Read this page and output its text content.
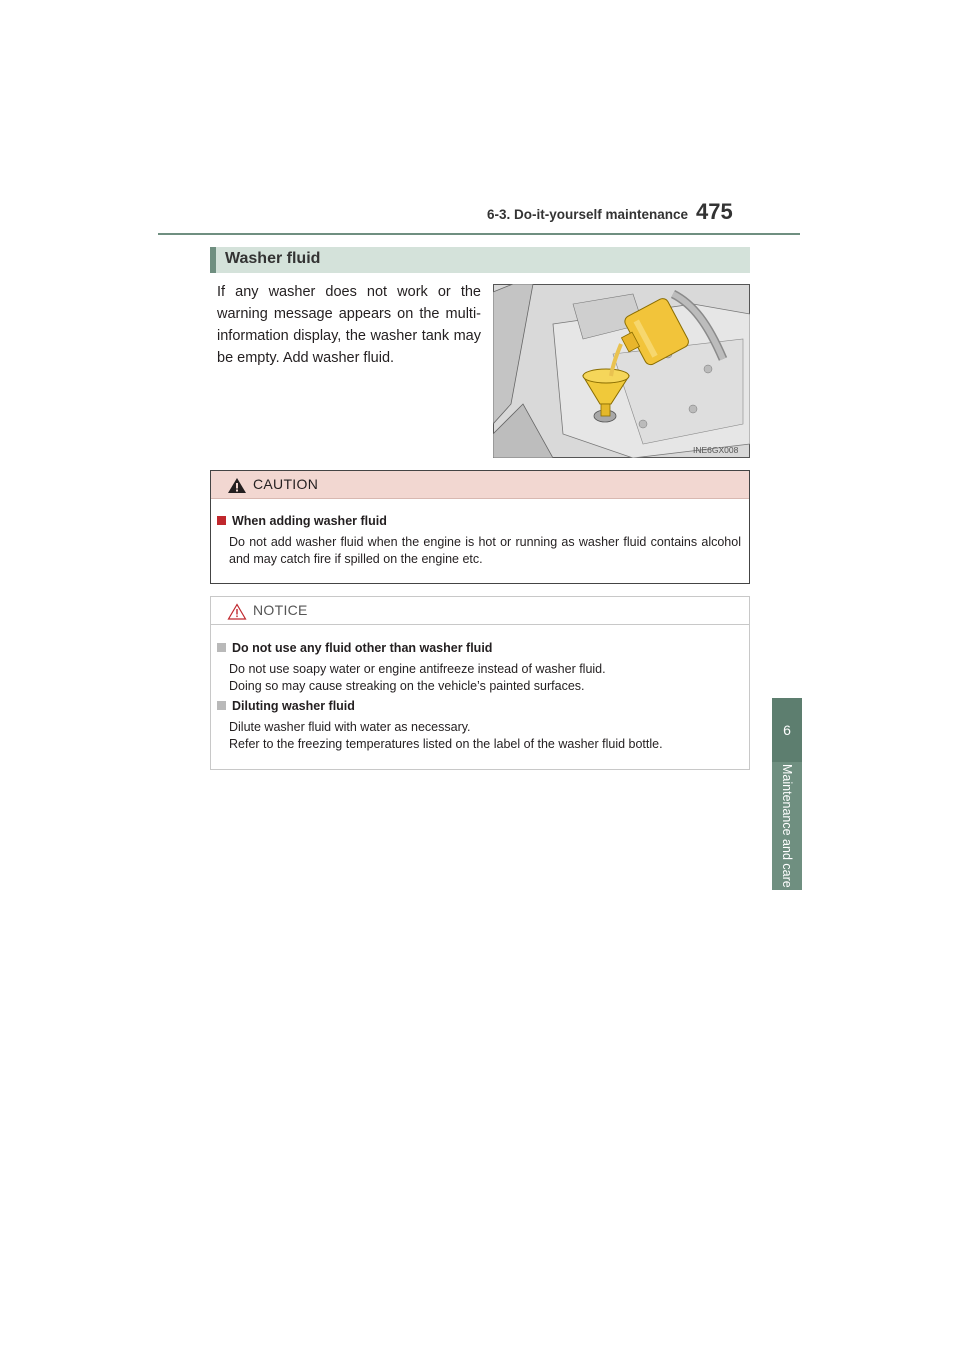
6-3. Do-it-yourself maintenance 475
6
Maintenance and care
Washer fluid
If any washer does not work or the warning message appears on the multi-information display, the washer tank may be empty. Add washer fluid.
INE6GX008
CAUTION
When adding washer fluid
Do not add washer fluid when the engine is hot or running as washer fluid contains alcohol and may catch fire if spilled on the engine etc.
NOTICE
Do not use any fluid other than washer fluid
Do not use soapy water or engine antifreeze instead of washer fluid.
Doing so may cause streaking on the vehicle’s painted surfaces.
Diluting washer fluid
Dilute washer fluid with water as necessary.
Refer to the freezing temperatures listed on the label of the washer fluid bottle.
